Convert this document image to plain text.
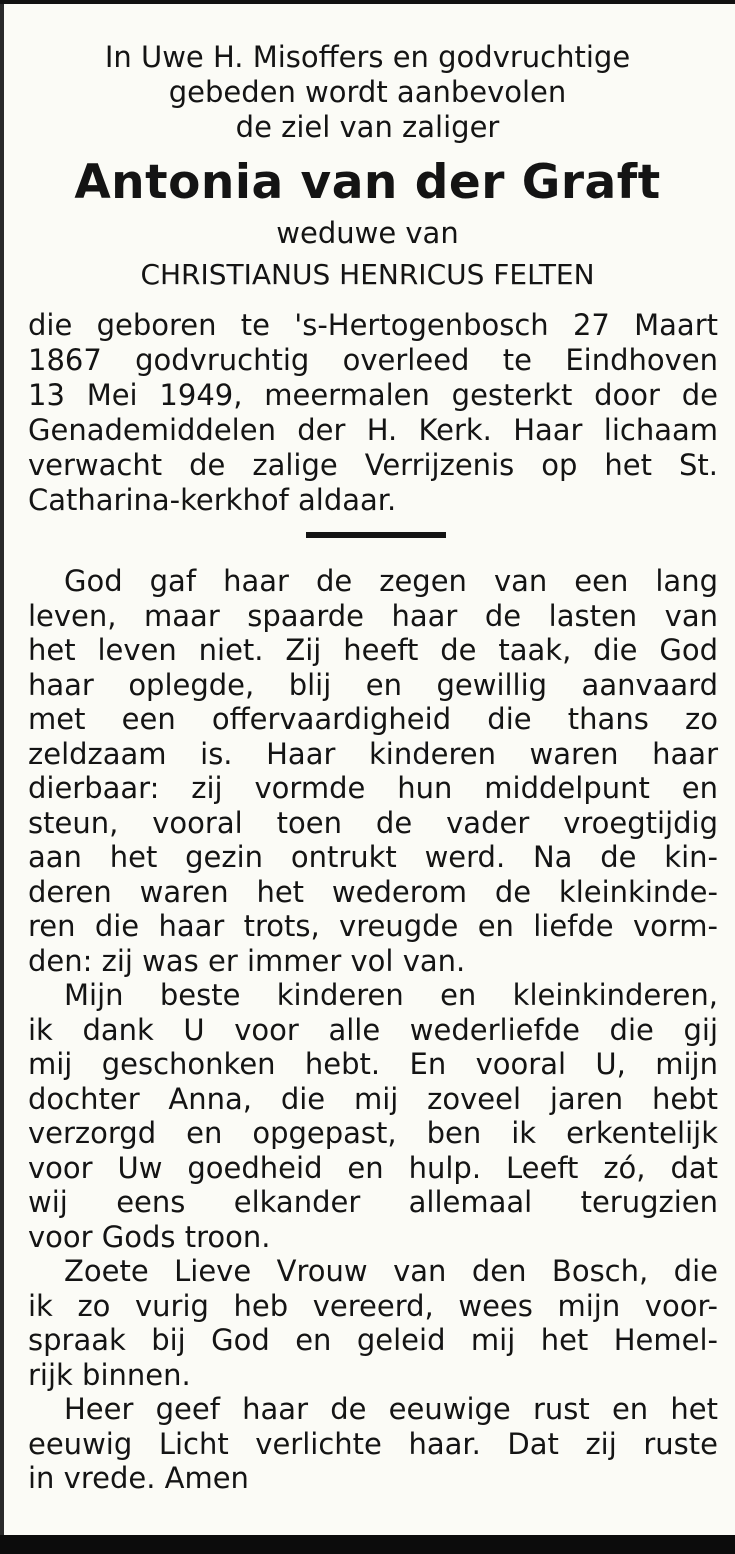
In Uwe H. Misoffers en godvruchtige
gebeden wordt aanbevolen
de ziel van zaliger
Antonia van der Graft
weduwe van
CHRISTIANUS HENRICUS FELTEN
die geboren te 's-Hertogenbosch 27 Maart
1867 godvruchtig overleed te Eindhoven
13 Mei 1949, meermalen gesterkt door de
Genademiddelen der H. Kerk. Haar lichaam
verwacht de zalige Verrijzenis op het St.
Catharina-kerkhof aldaar.
God gaf haar de zegen van een lang
leven, maar spaarde haar de lasten van
het leven niet. Zij heeft de taak, die God
haar oplegde, blij en gewillig aanvaard
met een offervaardigheid die thans zo
zeldzaam is. Haar kinderen waren haar
dierbaar: zij vormde hun middelpunt en
steun, vooral toen de vader vroegtijdig
aan het gezin ontrukt werd. Na de kin-
deren waren het wederom de kleinkinde-
ren die haar trots, vreugde en liefde vorm-
den: zij was er immer vol van.
Mijn beste kinderen en kleinkinderen,
ik dank U voor alle wederliefde die gij
mij geschonken hebt. En vooral U, mijn
dochter Anna, die mij zoveel jaren hebt
verzorgd en opgepast, ben ik erkentelijk
voor Uw goedheid en hulp. Leeft zó, dat
wij eens elkander allemaal terugzien
voor Gods troon.
Zoete Lieve Vrouw van den Bosch, die
ik zo vurig heb vereerd, wees mijn voor-
spraak bij God en geleid mij het Hemel-
rijk binnen.
Heer geef haar de eeuwige rust en het
eeuwig Licht verlichte haar. Dat zij ruste
in vrede. Amen
